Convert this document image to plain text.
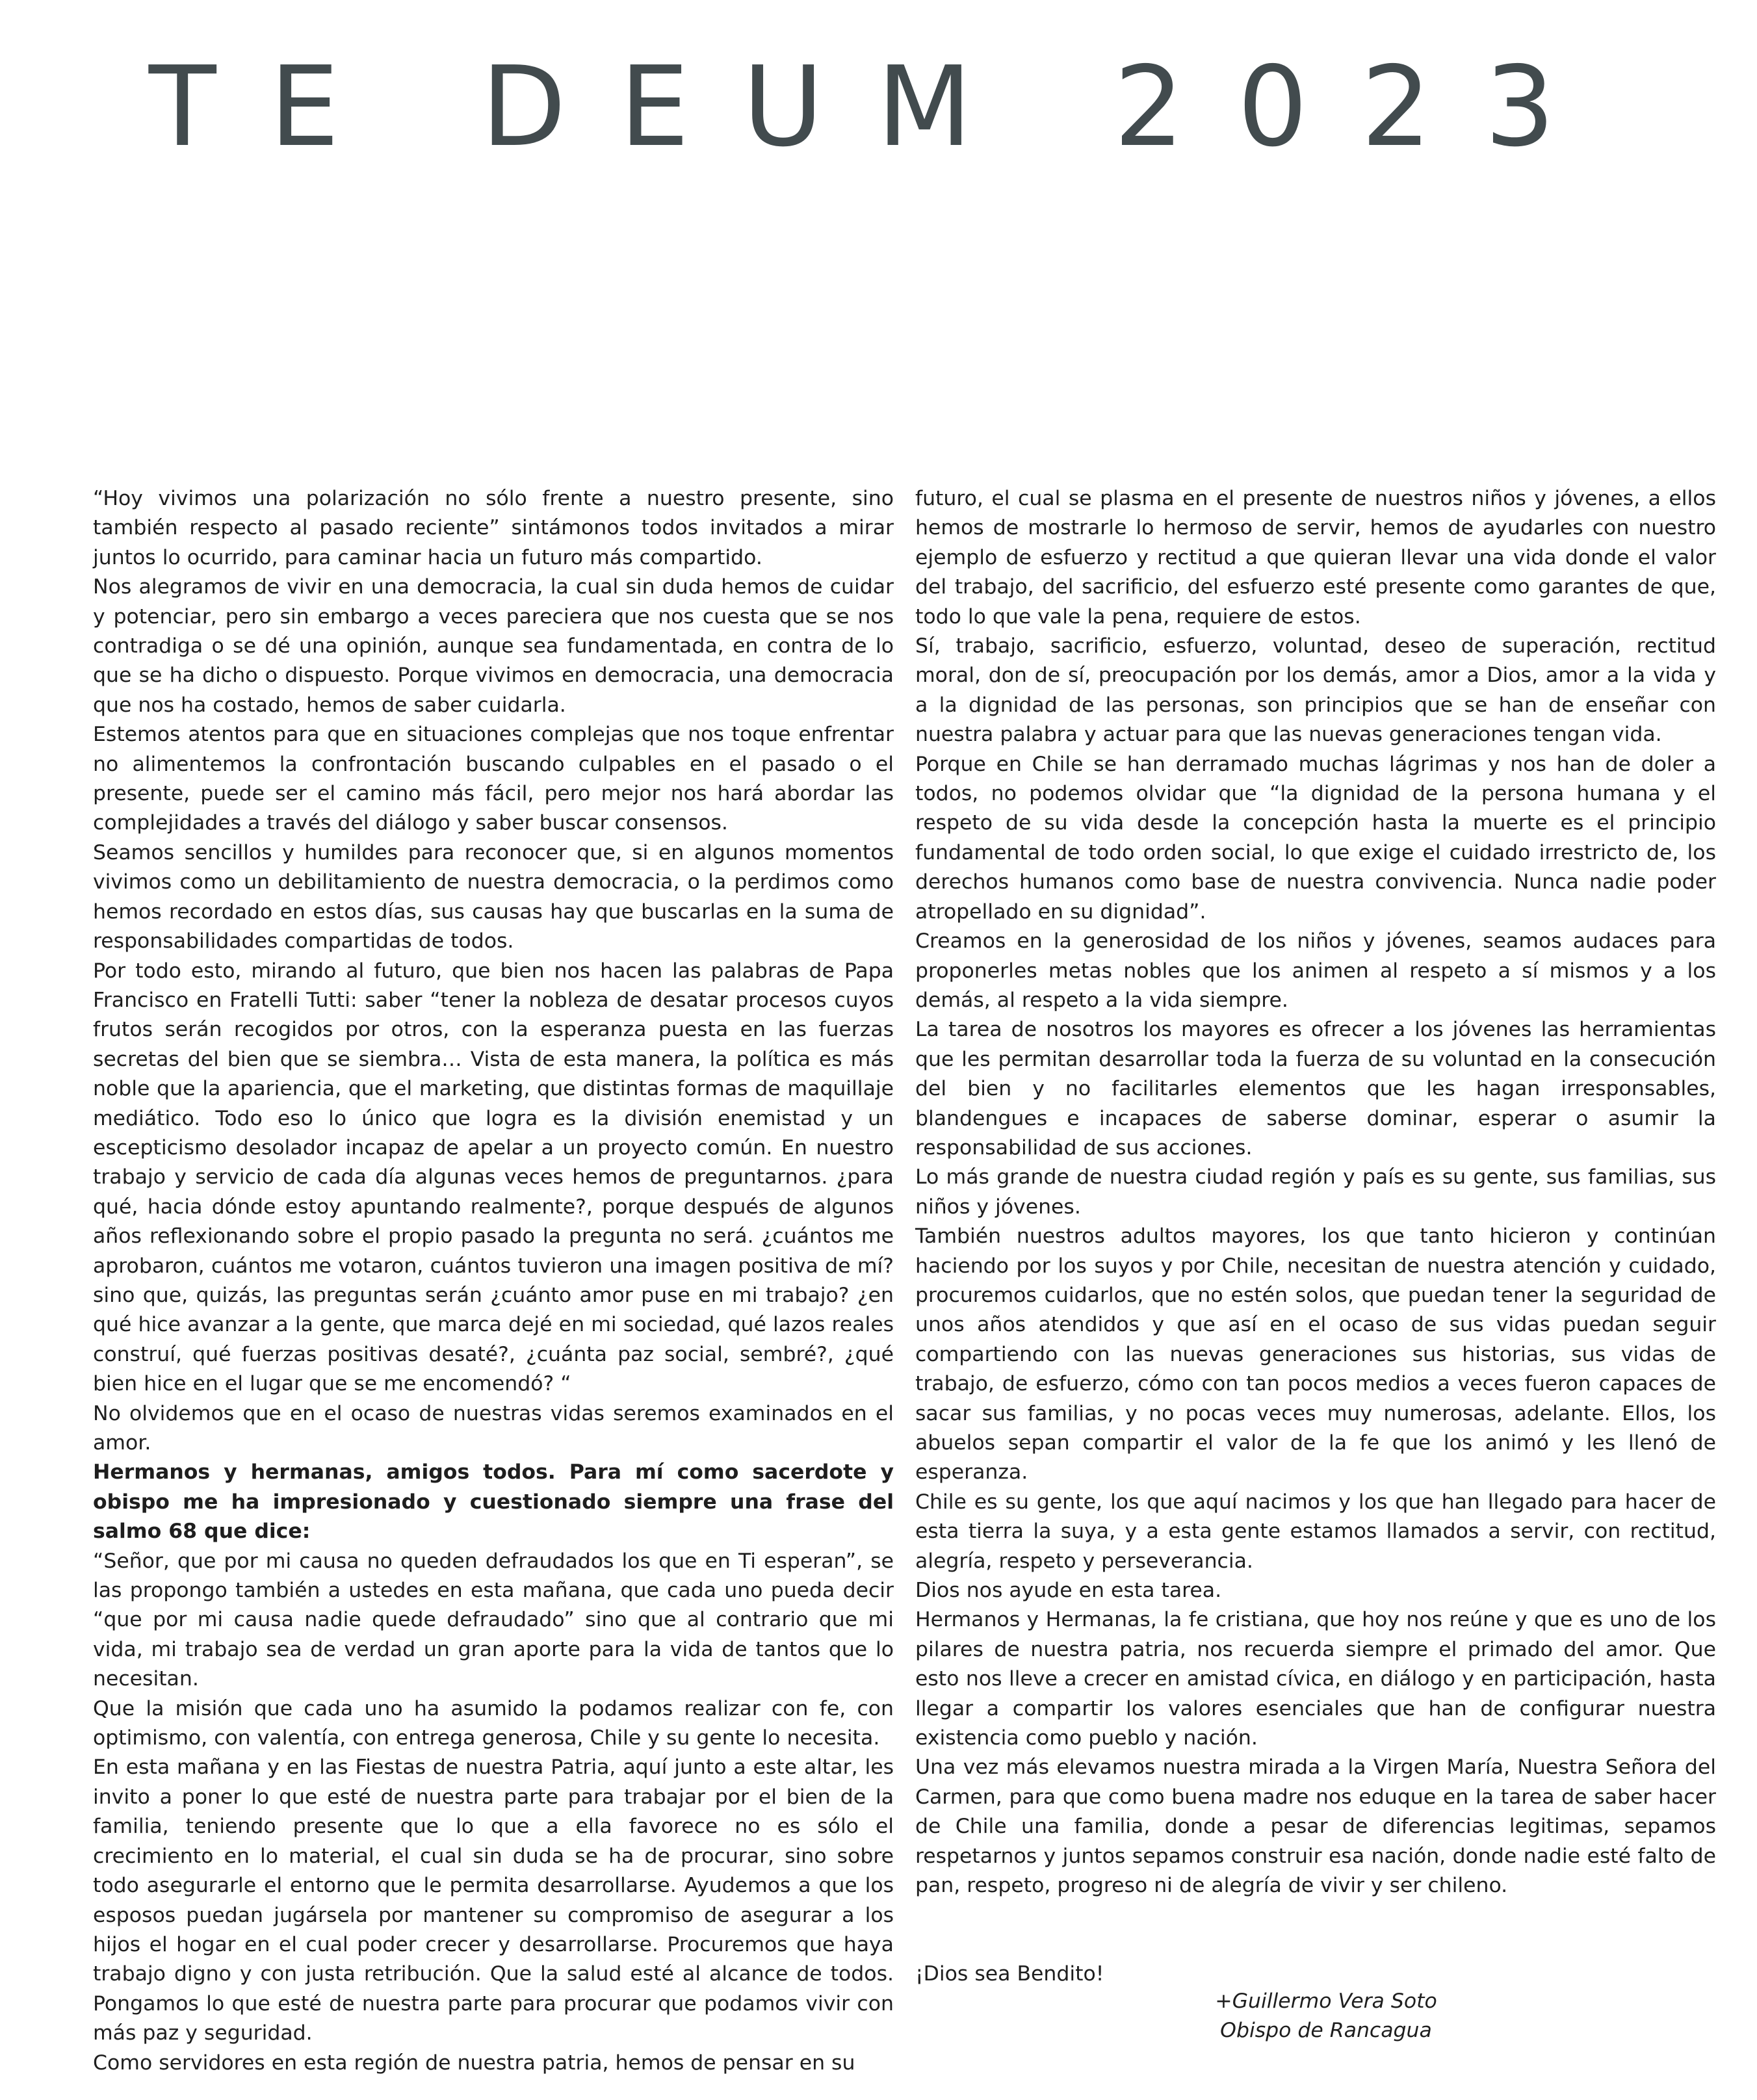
TE DEUM 2023

“Hoy vivimos una polarización no sólo frente a nuestro presente, sino también respecto al pasado reciente” sintámonos todos invitados a mirar juntos lo ocurrido, para caminar hacia un futuro más compartido.

Nos alegramos de vivir en una democracia, la cual sin duda hemos de cuidar y potenciar, pero sin embargo a veces pareciera que nos cuesta que se nos contradiga o se dé una opinión, aunque sea fundamentada, en contra de lo que se ha dicho o dispuesto. Porque vivimos en democracia, una democracia que nos ha costado, hemos de saber cuidarla.

Estemos atentos para que en situaciones complejas que nos toque enfrentar no alimentemos la confrontación buscando culpables en el pasado o el presente, puede ser el camino más fácil, pero mejor nos hará abordar las complejidades a través del diálogo y saber buscar consensos.

Seamos sencillos y humildes para reconocer que, si en algunos momentos vivimos como un debilitamiento de nuestra democracia, o la perdimos como hemos recordado en estos días, sus causas hay que buscarlas en la suma de responsabilidades compartidas de todos.

Por todo esto, mirando al futuro, que bien nos hacen las palabras de Papa Francisco en Fratelli Tutti: saber “tener la nobleza de desatar procesos cuyos frutos serán recogidos por otros, con la esperanza puesta en las fuerzas secretas del bien que se siembra… Vista de esta manera, la política es más noble que la apariencia, que el marketing, que distintas formas de maquillaje mediático. Todo eso lo único que logra es la división enemistad y un escepticismo desolador incapaz de apelar a un proyecto común. En nuestro trabajo y servicio de cada día algunas veces hemos de preguntarnos. ¿para qué, hacia dónde estoy apuntando realmente?, porque después de algunos años reflexionando sobre el propio pasado la pregunta no será. ¿cuántos me aprobaron, cuántos me votaron, cuántos tuvieron una imagen positiva de mí? sino que, quizás, las preguntas serán ¿cuánto amor puse en mi trabajo? ¿en qué hice avanzar a la gente, que marca dejé en mi sociedad, qué lazos reales construí, qué fuerzas positivas desaté?, ¿cuánta paz social, sembré?, ¿qué bien hice en el lugar que se me encomendó? “

No olvidemos que en el ocaso de nuestras vidas seremos examinados en el amor.

Hermanos y hermanas, amigos todos. Para mí como sacerdote y obispo me ha impresionado y cuestionado siempre una frase del salmo 68 que dice:

“Señor, que por mi causa no queden defraudados los que en Ti esperan”, se las propongo también a ustedes en esta mañana, que cada uno pueda decir “que por mi causa nadie quede defraudado” sino que al contrario que mi vida, mi trabajo sea de verdad un gran aporte para la vida de tantos que lo necesitan.

Que la misión que cada uno ha asumido la podamos realizar con fe, con optimismo, con valentía, con entrega generosa, Chile y su gente lo necesita.

En esta mañana y en las Fiestas de nuestra Patria, aquí junto a este altar, les invito a poner lo que esté de nuestra parte para trabajar por el bien de la familia, teniendo presente que lo que a ella favorece no es sólo el crecimiento en lo material, el cual sin duda se ha de procurar, sino sobre todo asegurarle el entorno que le permita desarrollarse. Ayudemos a que los esposos puedan jugársela por mantener su compromiso de asegurar a los hijos el hogar en el cual poder crecer y desarrollarse. Procuremos que haya trabajo digno y con justa retribución. Que la salud esté al alcance de todos. Pongamos lo que esté de nuestra parte para procurar que podamos vivir con más paz y seguridad.

Como servidores en esta región de nuestra patria, hemos de pensar en su

futuro, el cual se plasma en el presente de nuestros niños y jóvenes, a ellos hemos de mostrarle lo hermoso de servir, hemos de ayudarles con nuestro ejemplo de esfuerzo y rectitud a que quieran llevar una vida donde el valor del trabajo, del sacrificio, del esfuerzo esté presente como garantes de que, todo lo que vale la pena, requiere de estos.

Sí, trabajo, sacrificio, esfuerzo, voluntad, deseo de superación, rectitud moral, don de sí, preocupación por los demás, amor a Dios, amor a la vida y a la dignidad de las personas, son principios que se han de enseñar con nuestra palabra y actuar para que las nuevas generaciones tengan vida.

Porque en Chile se han derramado muchas lágrimas y nos han de doler a todos, no podemos olvidar que “la dignidad de la persona humana y el respeto de su vida desde la concepción hasta la muerte es el principio fundamental de todo orden social, lo que exige el cuidado irrestricto de, los derechos humanos como base de nuestra convivencia. Nunca nadie poder atropellado en su dignidad”.

Creamos en la generosidad de los niños y jóvenes, seamos audaces para proponerles metas nobles que los animen al respeto a sí mismos y a los demás, al respeto a la vida siempre.

La tarea de nosotros los mayores es ofrecer a los jóvenes las herramientas que les permitan desarrollar toda la fuerza de su voluntad en la consecución del bien y no facilitarles elementos que les hagan irresponsables, blandengues e incapaces de saberse dominar, esperar o asumir la responsabilidad de sus acciones.

Lo más grande de nuestra ciudad región y país es su gente, sus familias, sus niños y jóvenes.

También nuestros adultos mayores, los que tanto hicieron y continúan haciendo por los suyos y por Chile, necesitan de nuestra atención y cuidado, procuremos cuidarlos, que no estén solos, que puedan tener la seguridad de unos años atendidos y que así en el ocaso de sus vidas puedan seguir compartiendo con las nuevas generaciones sus historias, sus vidas de trabajo, de esfuerzo, cómo con tan pocos medios a veces fueron capaces de sacar sus familias, y no pocas veces muy numerosas, adelante. Ellos, los abuelos sepan compartir el valor de la fe que los animó y les llenó de esperanza.

Chile es su gente, los que aquí nacimos y los que han llegado para hacer de esta tierra la suya, y a esta gente estamos llamados a servir, con rectitud, alegría, respeto y perseverancia.

Dios nos ayude en esta tarea.

Hermanos y Hermanas, la fe cristiana, que hoy nos reúne y que es uno de los pilares de nuestra patria, nos recuerda siempre el primado del amor. Que esto nos lleve a crecer en amistad cívica, en diálogo y en participación, hasta llegar a compartir los valores esenciales que han de configurar nuestra existencia como pueblo y nación.

Una vez más elevamos nuestra mirada a la Virgen María, Nuestra Señora del Carmen, para que como buena madre nos eduque en la tarea de saber hacer de Chile una familia, donde a pesar de diferencias legitimas, sepamos respetarnos y juntos sepamos construir esa nación, donde nadie esté falto de pan, respeto, progreso ni de alegría de vivir y ser chileno.

¡Dios sea Bendito!

+Guillermo Vera Soto

Obispo de Rancagua
